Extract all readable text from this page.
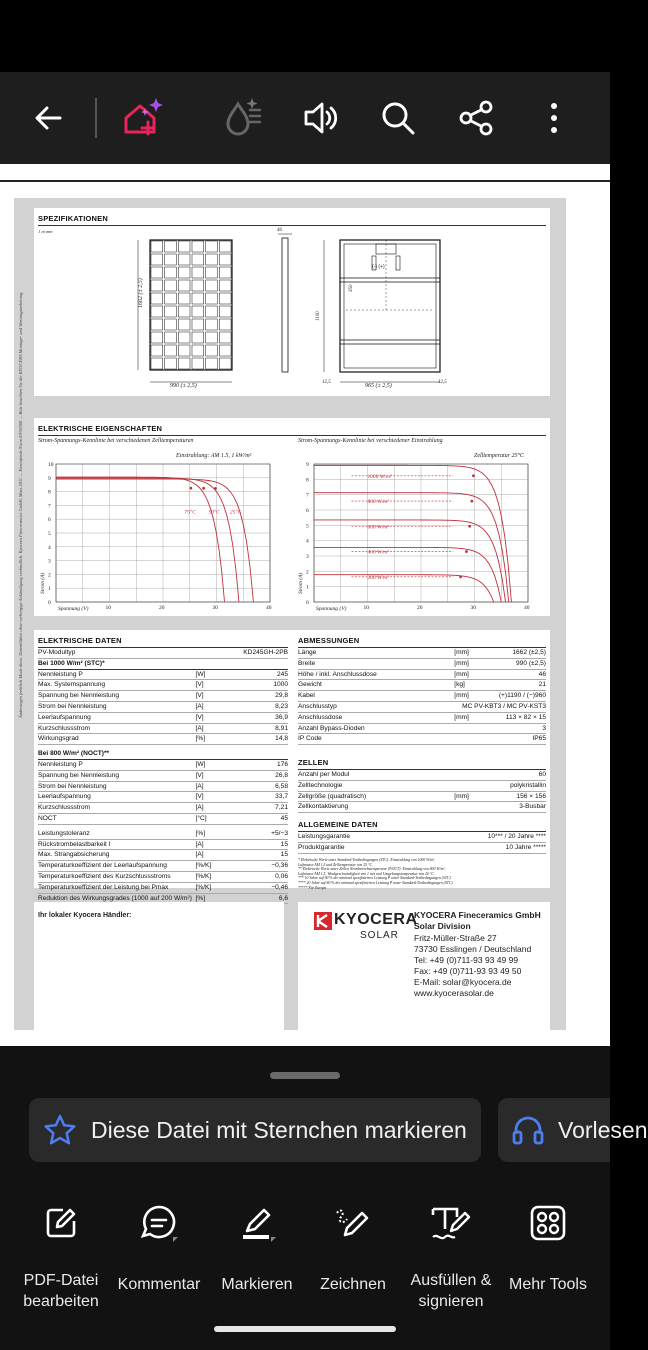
SPEZIFIKATIONEN
1 in mm
1662 (± 2,5)
990 (± 2,5)
46
965 (± 2,5)
1100
350
12,5	12,5
(-) (+)
ELEKTRISCHE EIGENSCHAFTEN
Strom-Spannungs-Kennlinie bei verschiedenen Zelltemperaturen	Strom-Spannungs-Kennlinie bei verschiedener Einstrahlung
Einstrahlung: AM 1.5, 1 kW/m²	Zelltemperatur 25°C
10
9
8
7
6
5
4
3
2
1
0
10	20	30	40
Spannung (V)
Strom (A)
75°C 50°C 25°C
9
8
7
6
5
4
3
2
1
0
10	20	30	40
Spannung (V)
Strom (A)
1000 W/m²
800 W/m²
600 W/m²
400 W/m²
200 W/m²
ELEKTRISCHE DATEN
PV-Modultyp	KD245GH-2PB
Bei 1000 W/m² (STC)*
Nennleistung P	[W]	245
Max. Systemspannung	[V]	1000
Spannung bei Nennleistung	[V]	29,8
Strom bei Nennleistung	[A]	8,23
Leerlaufspannung	[V]	36,9
Kurzschlussstrom	[A]	8,91
Wirkungsgrad	[%]	14,8
Bei 800 W/m² (NOCT)**
Nennleistung P	[W]	176
Spannung bei Nennleistung	[V]	26,8
Strom bei Nennleistung	[A]	6,58
Leerlaufspannung	[V]	33,7
Kurzschlussstrom	[A]	7,21
NOCT	[°C]	45
Leistungstoleranz	[%]	+5/−3
Rückstrombelastbarkeit I	[A]	15
Max. Strangabsicherung	[A]	15
Temperaturkoeffizient der Leerlaufspannung	[%/K]	−0,36
Temperaturkoeffizient des Kurzschlussstroms	[%/K]	0,06
Temperaturkoeffizient der Leistung bei Pmax	[%/K]	−0,46
Reduktion des Wirkungsgrades (1000 auf 200 W/m²) [%]	6,6
ABMESSUNGEN
Länge	[mm]	1662 (±2,5)
Breite	[mm]	990 (±2,5)
Höhe / inkl. Anschlussdose	[mm]	46
Gewicht	[kg]	21
Kabel	[mm]	(+)1190 / (−)960
Anschlusstyp	MC PV-KBT3 / MC PV-KST3
Anschlussdose	[mm]	113 × 82 × 15
Anzahl Bypass-Dioden	3
IP Code	IP65
ZELLEN
Anzahl per Modul	60
Zelltechnologie	polykristallin
Zellgröße (quadratisch)	[mm]	156 × 156
Zellkontaktierung	3-Busbar
ALLGEMEINE DATEN
Leistungsgarantie	10*** / 20 Jahre ****
Produktgarantie	10 Jahre *****
* Elektrische Werte unter Standard-Testbedingungen (STC): Einstrahlung von 1000 W/m²,
Luftmasse AM 1,5 und Zelltemperatur von 25 °C.
** Elektrische Werte unter Zellen Nennbetriebstemperatur (NOCT): Einstrahlung von 800 W/m²,
Luftmasse AM 1,5, Windgeschwindigkeit von 1 m/s und Umgebungstemperatur von 20 °C
*** 10 Jahre auf 90 % der minimal spezifizierten Leistung P unter Standard-Testbedingungen (STC)
**** 20 Jahre auf 80 % der minimal spezifizierten Leistung P unter Standard-Testbedingungen (STC)
***** Für Europa
Ihr lokaler Kyocera Händler:	KYOCERA
SOLAR
KYOCERA Fineceramics GmbH
Solar Division
Fritz-Müller-Straße 27
73730 Esslingen / Deutschland
Tel: +49 (0)711-93 93 49 99
Fax: +49 (0)711-93 93 49 50
E-Mail: solar@kyocera.de
www.kyocerasolar.de
Änderungen freiblich Mode diese. Datenblättes ohne vorhergige Ankündigung verbindlich. Kyocera Fineceramics GmbH, Marz 2011 — Einstufende Norm EN50380 — Bitte beachten Sie die KYOCERA Montage- und Wartungsanleitung.
Diese Datei mit Sternchen markieren	Vorlesen
PDF-Datei
bearbeiten
Kommentar	Markieren	Zeichnen	Ausfüllen &
signieren
Mehr Tools
